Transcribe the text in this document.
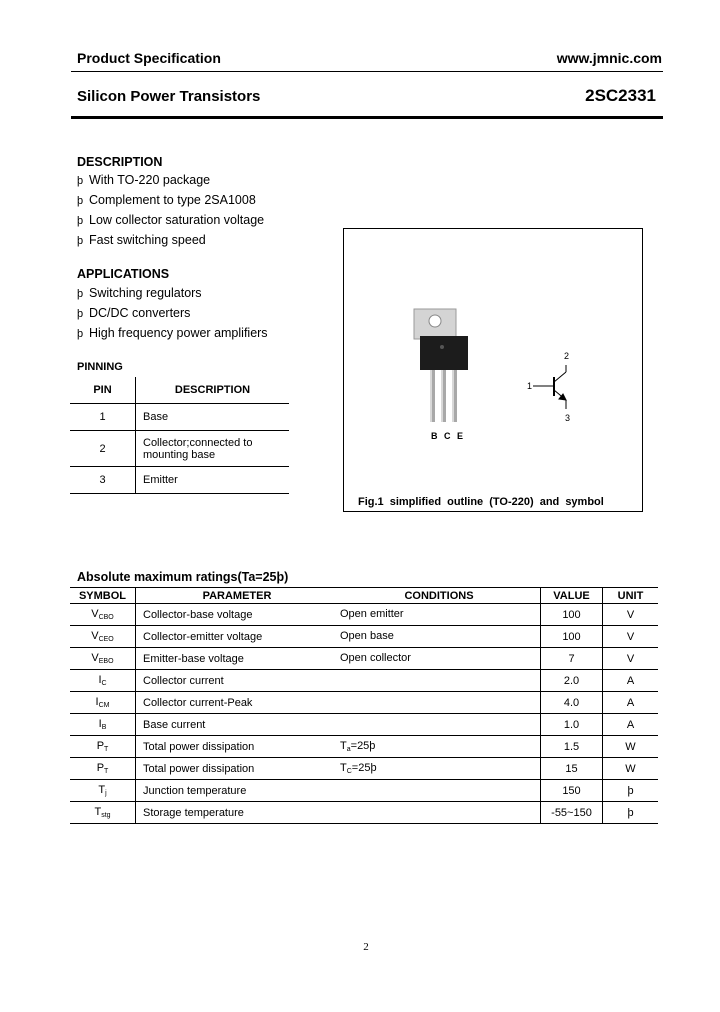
Product Specification	www.jmnic.com
Silicon Power Transistors	2SC2331
DESCRIPTION
þ With TO-220 package
þ Complement to type 2SA1008
þ Low collector saturation voltage
þ Fast switching speed
APPLICATIONS
þ Switching regulators
þ DC/DC converters
þ High frequency power amplifiers
PINNING
PIN	DESCRIPTION
1	Base
2	Collector;connected to
mounting base
3	Emitter
B C E
1
2
3
Fig.1 simplified outline (TO-220) and symbol
Absolute maximum ratings(Ta=25þ)
SYMBOL	PARAMETER	CONDITIONS	VALUE	UNIT
$V_{CBO}$	Collector-base voltage	Open emitter	100	V
$V_{CEO}$	Collector-emitter voltage	Open base	100	V
$V_{EBO}$	Emitter-base voltage	Open collector	7	V
$I_C$	Collector current		2.0	A
$I_{CM}$	Collector current-Peak		4.0	A
$I_B$	Base current		1.0	A
$P_T$	Total power dissipation	$T_a=25þ$	1.5	W
$P_T$	Total power dissipation	$T_C=25þ$	15	W
$T_j$	Junction temperature		150	þ
$T_{stg}$	Storage temperature		-55~150	þ
2
